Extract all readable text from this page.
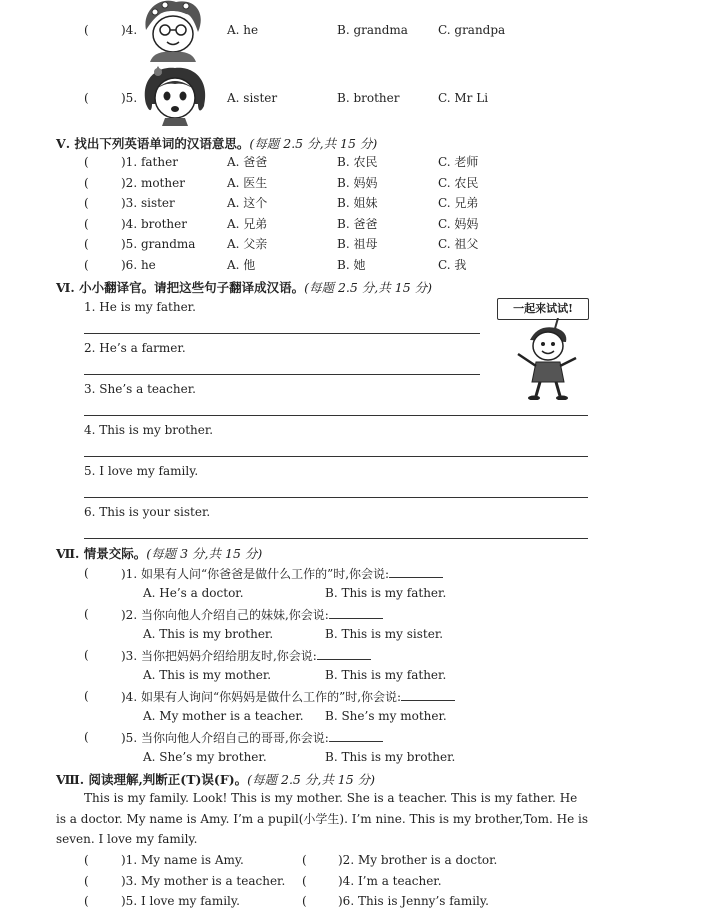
(	)4.	A. he	B. grandma	C. grandpa
(	)5.	A. sister	B. brother	C. Mr Li
Ⅴ. 找出下列英语单词的汉语意思。(每题 2.5 分,共 15 分)
(	)1. father	A. 爸爸	B. 农民	C. 老师
(	)2. mother	A. 医生	B. 妈妈	C. 农民
(	)3. sister	A. 这个	B. 姐妹	C. 兄弟
(	)4. brother	A. 兄弟	B. 爸爸	C. 妈妈
(	)5. grandma	A. 父亲	B. 祖母	C. 祖父
(	)6. he	A. 他	B. 她	C. 我
Ⅵ. 小小翻译官。请把这些句子翻译成汉语。(每题 2.5 分,共 15 分)
一起来试试!
1. He is my father.
2. He’s a farmer.
3. She’s a teacher.
4. This is my brother.
5. I love my family.
6. This is your sister.
Ⅶ. 情景交际。(每题 3 分,共 15 分)
(	)1. 如果有人问“你爸爸是做什么工作的”时,你会说:
A. He’s a doctor.	B. This is my father.
(	)2. 当你向他人介绍自己的妹妹,你会说:
A. This is my brother.	B. This is my sister.
(	)3. 当你把妈妈介绍给朋友时,你会说:
A. This is my mother.	B. This is my father.
(	)4. 如果有人询问“你妈妈是做什么工作的”时,你会说:
A. My mother is a teacher. B. She’s my mother.
(	)5. 当你向他人介绍自己的哥哥,你会说:
A. She’s my brother.	B. This is my brother.
Ⅷ. 阅读理解,判断正(T)误(F)。(每题 2.5 分,共 15 分)
This is my family. Look! This is my mother. She is a teacher. This is my father. He is a doctor. My name is Amy. I’m a pupil(小学生). I’m nine. This is my brother,Tom. He is seven. I love my family.
(	)1. My name is Amy.	(	)2. My brother is a doctor.
(	)3. My mother is a teacher. (	)4. I’m a teacher.
(	)5. I love my family.	(	)6. This is Jenny’s family.
